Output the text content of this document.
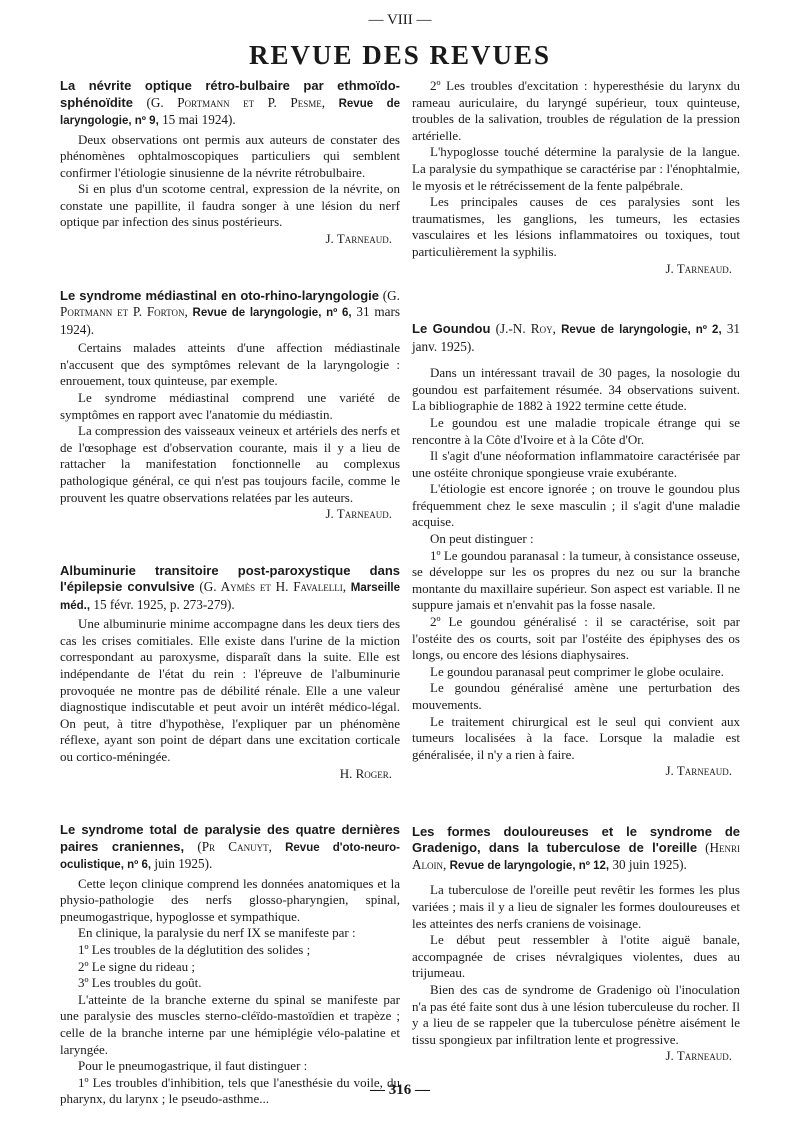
— VIII —
REVUE DES REVUES

La névrite optique rétro-bulbaire par ethmoïdo-sphénoïdite (G. Portmann et P. Pesme, Revue de laryngologie, nº 9, 15 mai 1924).

Deux observations ont permis aux auteurs de constater des phénomènes ophtalmoscopiques particuliers qui semblent confirmer l'étiologie sinusienne de la névrite rétrobulbaire.

Si en plus d'un scotome central, expression de la névrite, on constate une papillite, il faudra songer à une lésion du nerf optique par infection des sinus postérieurs.

J. Tarneaud.

Le syndrome médiastinal en oto-rhino-laryngologie (G. Portmann et P. Forton, Revue de laryngologie, nº 6, 31 mars 1924).

Certains malades atteints d'une affection médiastinale n'accusent que des symptômes relevant de la laryngologie : enrouement, toux quinteuse, par exemple.

Le syndrome médiastinal comprend une variété de symptômes en rapport avec l'anatomie du médiastin.

La compression des vaisseaux veineux et artériels des nerfs et de l'œsophage est d'observation courante, mais il y a lieu de rattacher la manifestation fonctionnelle au complexus pathologique général, ce qui n'est pas toujours facile, comme le prouvent les quatre observations relatées par les auteurs.

J. Tarneaud.

Albuminurie transitoire post-paroxystique dans l'épilepsie convulsive (G. Aymès et H. Favalelli, Marseille méd., 15 févr. 1925, p. 273-279).

Une albuminurie minime accompagne dans les deux tiers des cas les crises comitiales. Elle existe dans l'urine de la miction correspondant au paroxysme, disparaît dans la suite. Elle est indépendante de l'état du rein : l'épreuve de l'albuminurie provoquée ne montre pas de débilité rénale. Elle a une valeur diagnostique indiscutable et peut avoir un intérêt médico-légal. On peut, à titre d'hypothèse, l'expliquer par un phénomène réflexe, ayant son point de départ dans une excitation corticale ou cortico-méningée.

H. Roger.

Le syndrome total de paralysie des quatre dernières paires craniennes, (Pr Canuyt, Revue d'oto-neuro-oculistique, nº 6, juin 1925).

Cette leçon clinique comprend les données anatomiques et la physio-pathologie des nerfs glosso-pharyngien, spinal, pneumogastrique, hypoglosse et sympathique.

En clinique, la paralysie du nerf IX se manifeste par :

1º Les troubles de la déglutition des solides ;

2º Le signe du rideau ;

3º Les troubles du goût.

L'atteinte de la branche externe du spinal se manifeste par une paralysie des muscles sterno-cléïdo-mastoïdien et trapèze ; celle de la branche interne par une hémiplégie vélo-palatine et laryngée.

Pour le pneumogastrique, il faut distinguer :

1º Les troubles d'inhibition, tels que l'anesthésie du voile, du pharynx, du larynx ; le pseudo-asthme...

2º Les troubles d'excitation : hyperesthésie du larynx du rameau auriculaire, du laryngé supérieur, toux quinteuse, troubles de la salivation, troubles de régulation de la pression artérielle.

L'hypoglosse touché détermine la paralysie de la langue. La paralysie du sympathique se caractérise par : l'énophtalmie, le myosis et le rétrécissement de la fente palpébrale.

Les principales causes de ces paralysies sont les traumatismes, les ganglions, les tumeurs, les ectasies vasculaires et les lésions inflammatoires ou toxiques, tout particulièrement la syphilis.

J. Tarneaud.

Le Goundou (J.-N. Roy, Revue de laryngologie, nº 2, 31 janv. 1925).

Dans un intéressant travail de 30 pages, la nosologie du goundou est parfaitement résumée. 34 observations suivent. La bibliographie de 1882 à 1922 termine cette étude.

Le goundou est une maladie tropicale étrange qui se rencontre à la Côte d'Ivoire et à la Côte d'Or.

Il s'agit d'une néoformation inflammatoire caractérisée par une ostéite chronique spongieuse vraie exubérante.

L'étiologie est encore ignorée ; on trouve le goundou plus fréquemment chez le sexe masculin ; il s'agit d'une maladie acquise.

On peut distinguer :

1º Le goundou paranasal : la tumeur, à consistance osseuse, se développe sur les os propres du nez ou sur la branche montante du maxillaire supérieur. Son aspect est variable. Il ne suppure jamais et n'envahit pas la fosse nasale.

2º Le goundou généralisé : il se caractérise, soit par l'ostéite des os courts, soit par l'ostéite des épiphyses des os longs, ou encore des lésions diaphysaires.

Le goundou paranasal peut comprimer le globe oculaire.

Le goundou généralisé amène une perturbation des mouvements.

Le traitement chirurgical est le seul qui convient aux tumeurs localisées à la face. Lorsque la maladie est généralisée, il n'y a rien à faire.

J. Tarneaud.

Les formes douloureuses et le syndrome de Gradenigo, dans la tuberculose de l'oreille (Henri Aloin, Revue de laryngologie, nº 12, 30 juin 1925).

La tuberculose de l'oreille peut revêtir les formes les plus variées ; mais il y a lieu de signaler les formes douloureuses et les atteintes des nerfs craniens de voisinage.

Le début peut ressembler à l'otite aiguë banale, accompagnée de crises névralgiques violentes, dues au trijumeau.

Bien des cas de syndrome de Gradenigo où l'inoculation n'a pas été faite sont dus à une lésion tuberculeuse du rocher. Il y a lieu de se rappeler que la tuberculose pénètre aisément le tissu spongieux par infiltration lente et progressive.

J. Tarneaud.

— 316 —
